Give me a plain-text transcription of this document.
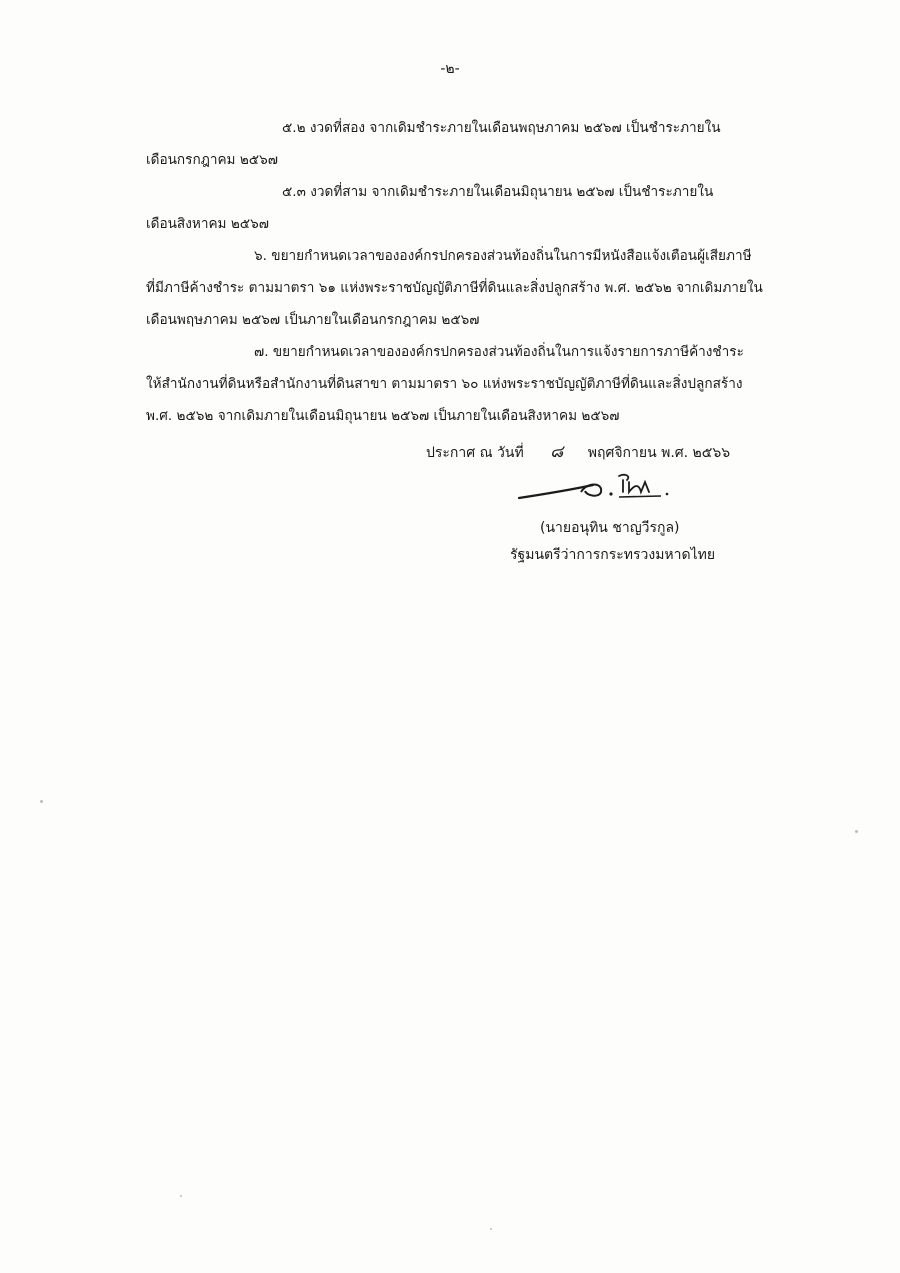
-๒-
๕.๒ งวดที่สอง จากเดิมชำระภายในเดือนพฤษภาคม ๒๕๖๗ เป็นชำระภายใน
เดือนกรกฎาคม ๒๕๖๗
๕.๓ งวดที่สาม จากเดิมชำระภายในเดือนมิถุนายน ๒๕๖๗ เป็นชำระภายใน
เดือนสิงหาคม ๒๕๖๗
๖. ขยายกำหนดเวลาขององค์กรปกครองส่วนท้องถิ่นในการมีหนังสือแจ้งเตือนผู้เสียภาษี
ที่มีภาษีค้างชำระ ตามมาตรา ๖๑ แห่งพระราชบัญญัติภาษีที่ดินและสิ่งปลูกสร้าง พ.ศ. ๒๕๖๒ จากเดิมภายใน
เดือนพฤษภาคม ๒๕๖๗ เป็นภายในเดือนกรกฎาคม ๒๕๖๗
๗. ขยายกำหนดเวลาขององค์กรปกครองส่วนท้องถิ่นในการแจ้งรายการภาษีค้างชำระ
ให้สำนักงานที่ดินหรือสำนักงานที่ดินสาขา ตามมาตรา ๖๐ แห่งพระราชบัญญัติภาษีที่ดินและสิ่งปลูกสร้าง
พ.ศ. ๒๕๖๒ จากเดิมภายในเดือนมิถุนายน ๒๕๖๗ เป็นภายในเดือนสิงหาคม ๒๕๖๗
ประกาศ ณ วันที่ ๘ พฤศจิกายน พ.ศ. ๒๕๖๖
(นายอนุทิน ชาญวีรกูล)
รัฐมนตรีว่าการกระทรวงมหาดไทย
